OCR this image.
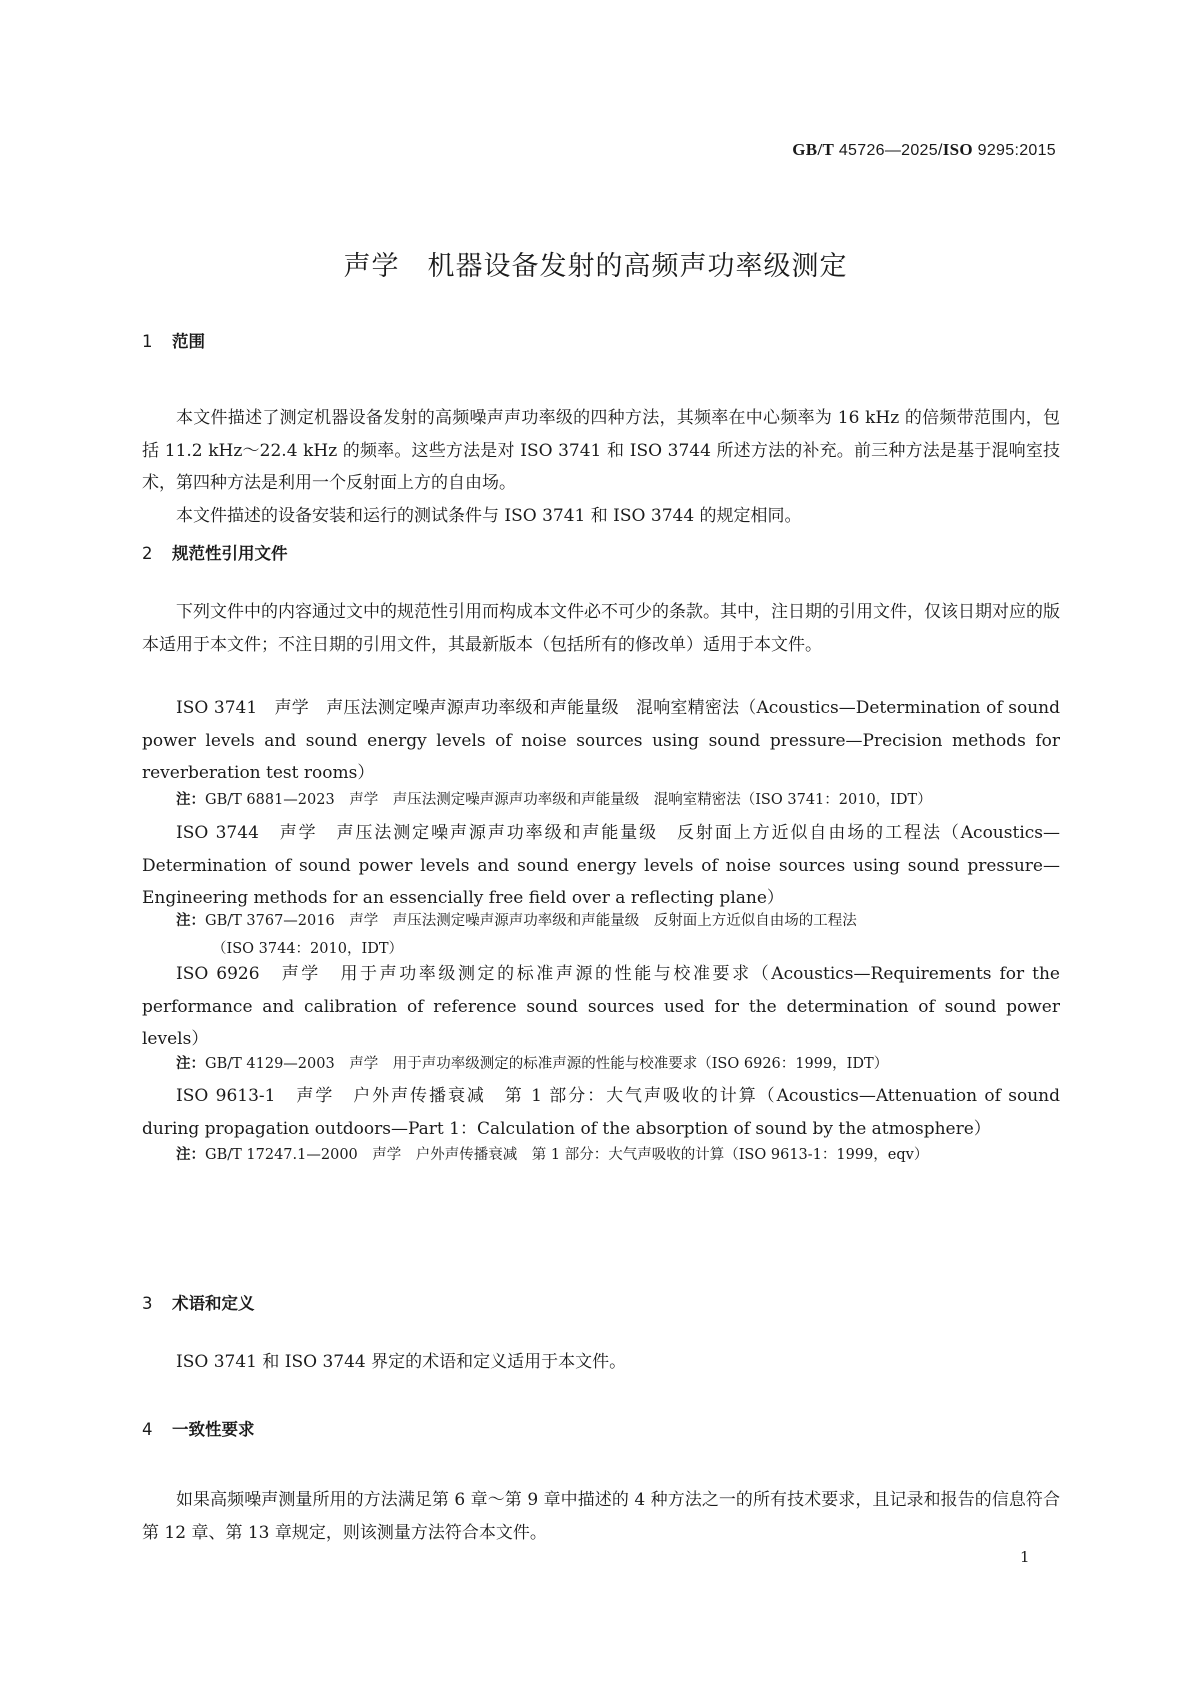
GB/T 45726—2025/ISO 9295:2015
声学　机器设备发射的高频声功率级测定
1 范围
本文件描述了测定机器设备发射的高频噪声声功率级的四种方法，其频率在中心频率为 16 kHz 的倍频带范围内，包括 11.2 kHz～22.4 kHz 的频率。这些方法是对 ISO 3741 和 ISO 3744 所述方法的补充。前三种方法是基于混响室技术，第四种方法是利用一个反射面上方的自由场。
本文件描述的设备安装和运行的测试条件与 ISO 3741 和 ISO 3744 的规定相同。
2 规范性引用文件
下列文件中的内容通过文中的规范性引用而构成本文件必不可少的条款。其中，注日期的引用文件，仅该日期对应的版本适用于本文件；不注日期的引用文件，其最新版本（包括所有的修改单）适用于本文件。
ISO 3741　声学　声压法测定噪声源声功率级和声能量级　混响室精密法（Acoustics—Determination of sound power levels and sound energy levels of noise sources using sound pressure—Precision methods for reverberation test rooms）
注：GB/T 6881—2023　声学　声压法测定噪声源声功率级和声能量级　混响室精密法（ISO 3741：2010，IDT）
ISO 3744　声学　声压法测定噪声源声功率级和声能量级　反射面上方近似自由场的工程法（Acoustics—Determination of sound power levels and sound energy levels of noise sources using sound pressure—Engineering methods for an essencially free field over a reflecting plane）
注：GB/T 3767—2016　声学　声压法测定噪声源声功率级和声能量级　反射面上方近似自由场的工程法
（ISO 3744：2010，IDT）
ISO 6926　声学　用于声功率级测定的标准声源的性能与校准要求（Acoustics—Requirements for the performance and calibration of reference sound sources used for the determination of sound power levels）
注：GB/T 4129—2003　声学　用于声功率级测定的标准声源的性能与校准要求（ISO 6926：1999，IDT）
ISO 9613-1　声学　户外声传播衰减　第 1 部分：大气声吸收的计算（Acoustics—Attenuation of sound during propagation outdoors—Part 1：Calculation of the absorption of sound by the atmosphere）
注：GB/T 17247.1—2000　声学　户外声传播衰减　第 1 部分：大气声吸收的计算（ISO 9613-1：1999，eqv）
3 术语和定义
ISO 3741 和 ISO 3744 界定的术语和定义适用于本文件。
4 一致性要求
如果高频噪声测量所用的方法满足第 6 章～第 9 章中描述的 4 种方法之一的所有技术要求，且记录和报告的信息符合第 12 章、第 13 章规定，则该测量方法符合本文件。
1
